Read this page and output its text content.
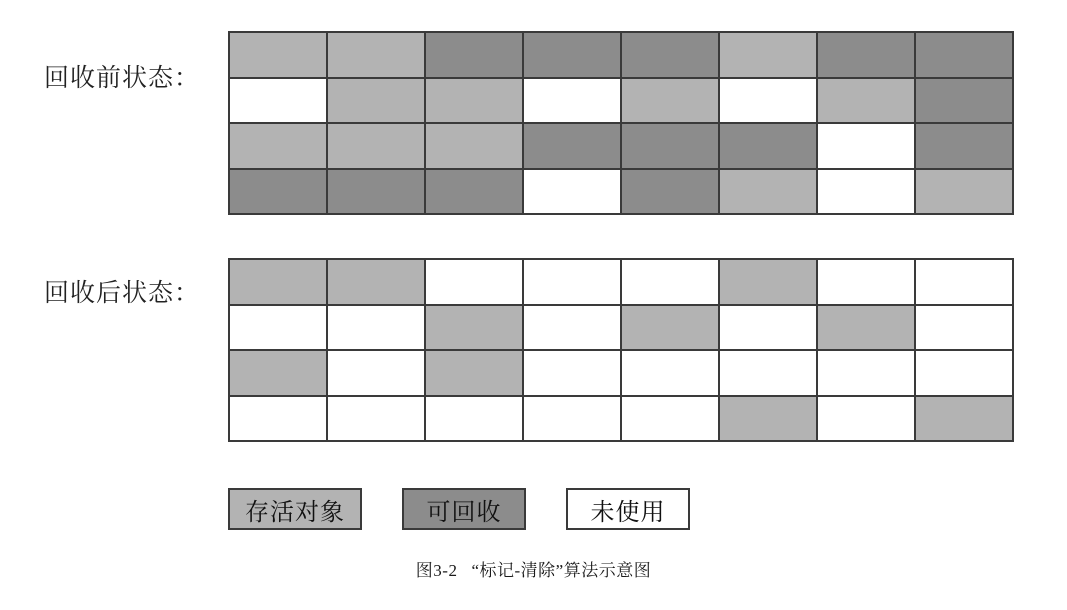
回收前状态：
回收后状态：
存活对象	可回收	未使用
图3-2 “标记-清除”算法示意图
